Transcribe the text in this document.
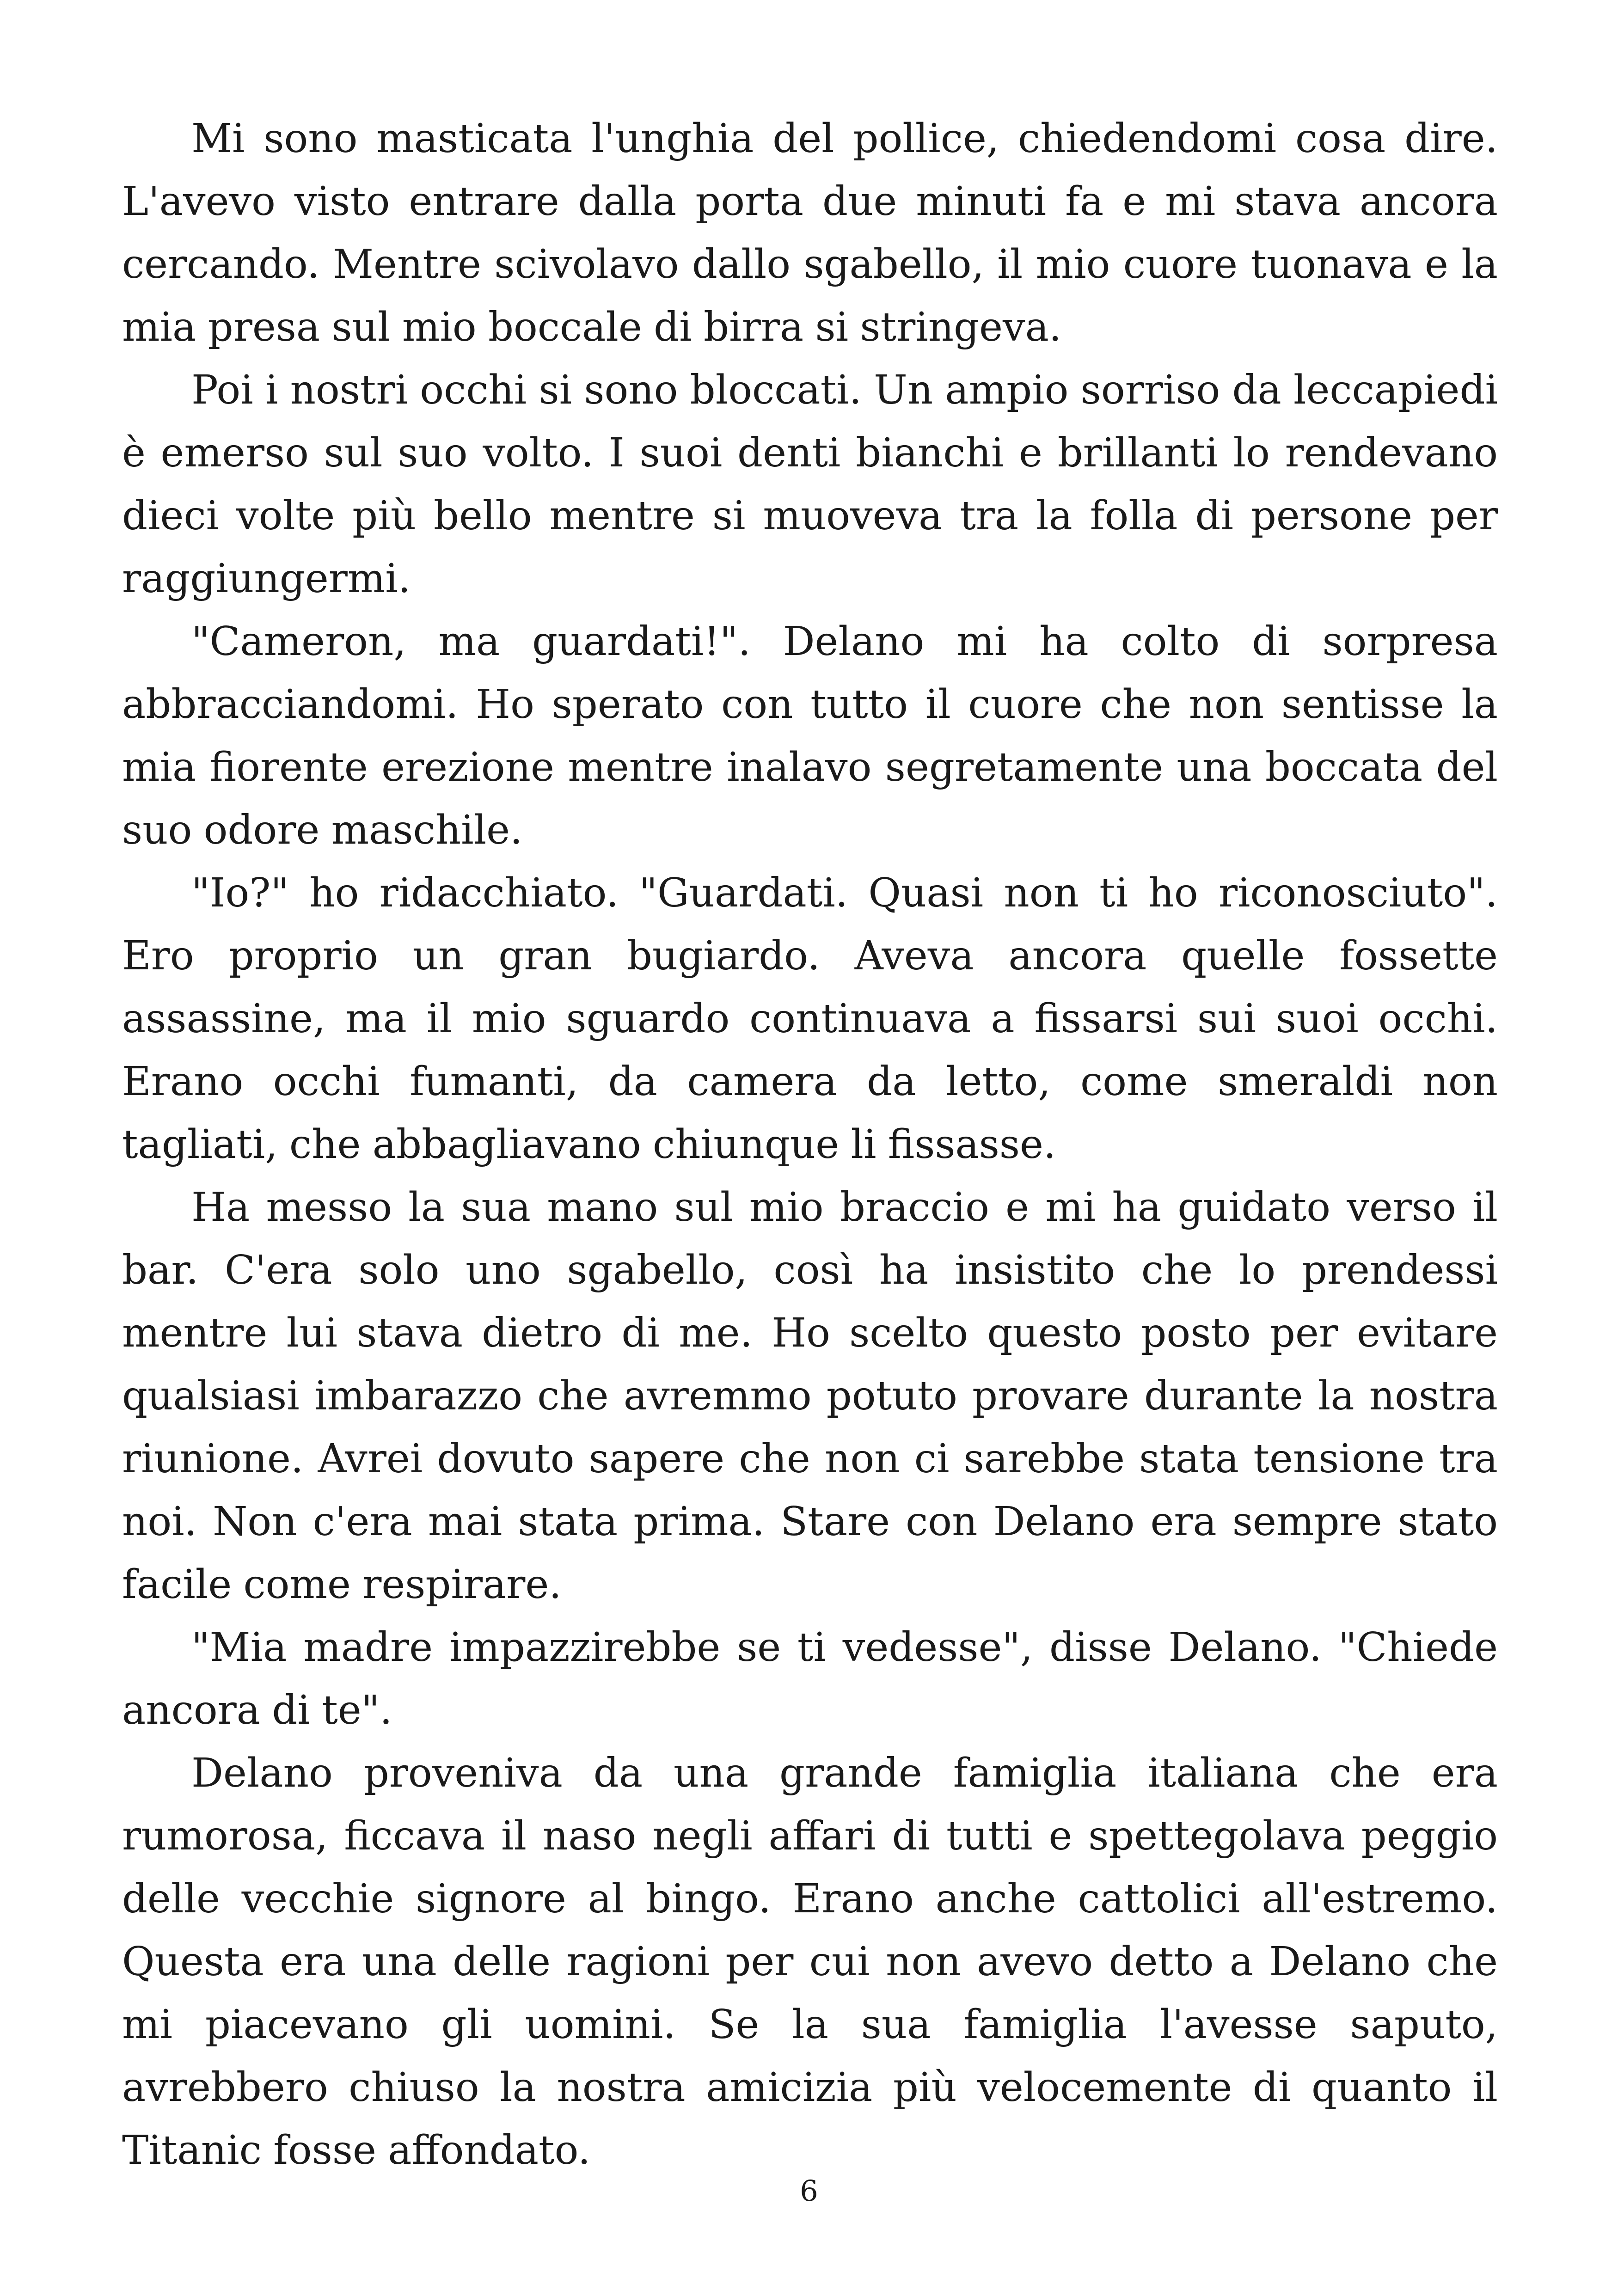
Mi sono masticata l'unghia del pollice, chiedendomi cosa dire. L'avevo visto entrare dalla porta due minuti fa e mi stava ancora cercando. Mentre scivolavo dallo sgabello, il mio cuore tuonava e la mia presa sul mio boccale di birra si stringeva.

Poi i nostri occhi si sono bloccati. Un ampio sorriso da leccapiedi è emerso sul suo volto. I suoi denti bianchi e brillanti lo rendevano dieci volte più bello mentre si muoveva tra la folla di persone per raggiungermi.

"Cameron, ma guardati!". Delano mi ha colto di sorpresa abbracciandomi. Ho sperato con tutto il cuore che non sentisse la mia fiorente erezione mentre inalavo segretamente una boccata del suo odore maschile.

"Io?" ho ridacchiato. "Guardati. Quasi non ti ho riconosciuto". Ero proprio un gran bugiardo. Aveva ancora quelle fossette assassine, ma il mio sguardo continuava a fissarsi sui suoi occhi. Erano occhi fumanti, da camera da letto, come smeraldi non tagliati, che abbagliavano chiunque li fissasse.

Ha messo la sua mano sul mio braccio e mi ha guidato verso il bar. C'era solo uno sgabello, così ha insistito che lo prendessi mentre lui stava dietro di me. Ho scelto questo posto per evitare qualsiasi imbarazzo che avremmo potuto provare durante la nostra riunione. Avrei dovuto sapere che non ci sarebbe stata tensione tra noi. Non c'era mai stata prima. Stare con Delano era sempre stato facile come respirare.

"Mia madre impazzirebbe se ti vedesse", disse Delano. "Chiede ancora di te".

Delano proveniva da una grande famiglia italiana che era rumorosa, ficcava il naso negli affari di tutti e spettegolava peggio delle vecchie signore al bingo. Erano anche cattolici all'estremo. Questa era una delle ragioni per cui non avevo detto a Delano che mi piacevano gli uomini. Se la sua famiglia l'avesse saputo, avrebbero chiuso la nostra amicizia più velocemente di quanto il Titanic fosse affondato.

6
